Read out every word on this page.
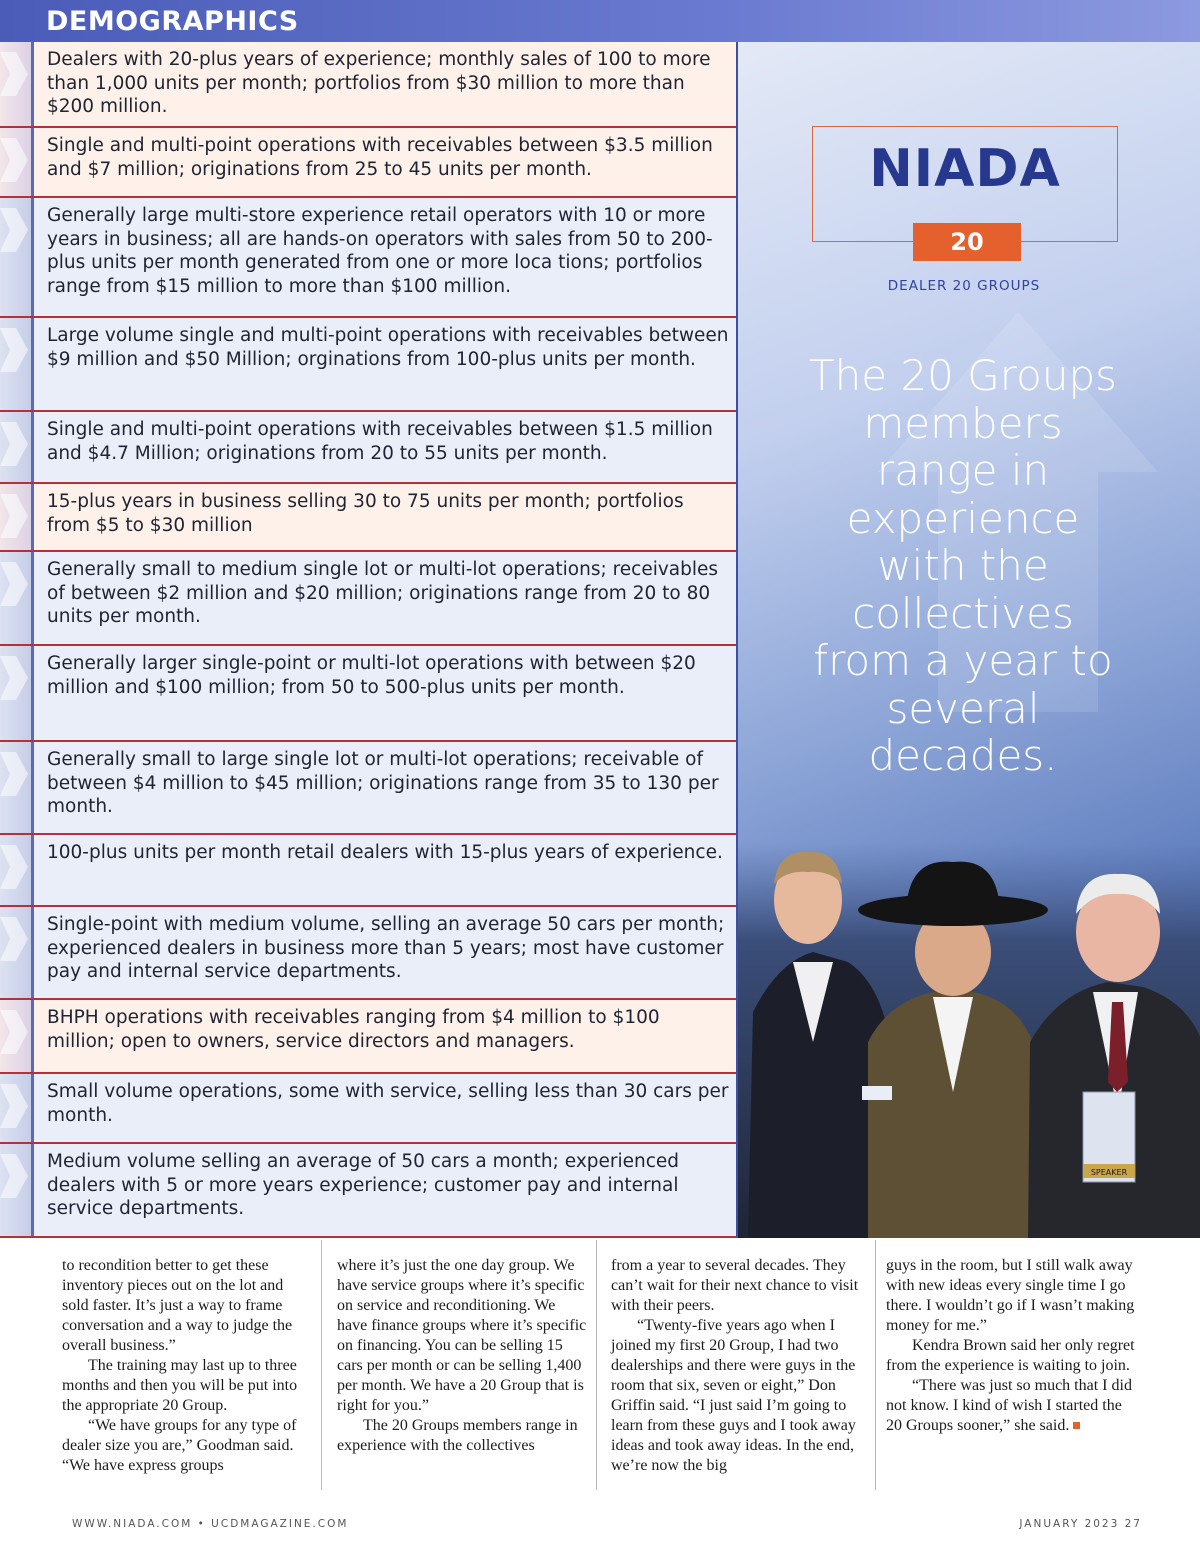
DEMOGRAPHICS
Dealers with 20-plus years of experience; monthly sales of 100 to more than 1,000 units per month; portfolios from $30 million to more than $200 million.
Single and multi-point operations with receivables between $3.5 million and $7 million; originations from 25 to 45 units per month.
Generally large multi-store experience retail operators with 10 or more years in business; all are hands-on operators with sales from 50 to 200-plus units per month generated from one or more loca tions; portfolios range from $15 million to more than $100 million.
Large volume single and multi-point operations with receivables between $9 million and $50 Million; orginations from 100-plus units per month.
Single and multi-point operations with receivables between $1.5 million and $4.7 Million; originations from 20 to 55 units per month.
15-plus years in business selling 30 to 75 units per month; portfolios from $5 to $30 million
Generally small to medium single lot or multi-lot operations; receivables of between $2 million and $20 million; originations range from 20 to 80 units per month.
Generally larger single-point or multi-lot operations with between $20 million and $100 million; from 50 to 500-plus units per month.
Generally small to large single lot or multi-lot operations; receivable of between $4 million to $45 million; originations range from 35 to 130 per month.
100-plus units per month retail dealers with 15-plus years of experience.
Single-point with medium volume, selling an average 50 cars per month; experienced dealers in business more than 5 years; most have customer pay and internal service departments.
BHPH operations with receivables ranging from $4 million to $100 million; open to owners, service directors and managers.
Small volume operations, some with service, selling less than 30 cars per month.
Medium volume selling an average of 50 cars a month; experienced dealers with 5 or more years experience; customer pay and internal service departments.
NIADA
20
DEALER 20 GROUPS
The 20 Groups members range in experience with the collectives from a year to several decades.
SPEAKER

to recondition better to get these inventory pieces out on the lot and sold faster. It’s just a way to frame conversation and a way to judge the overall business.”

The training may last up to three months and then you will be put into the appropriate 20 Group.

“We have groups for any type of dealer size you are,” Goodman said. “We have express groups

where it’s just the one day group. We have service groups where it’s specific on service and reconditioning. We have finance groups where it’s specific on financing. You can be selling 15 cars per month or can be selling 1,400 per month. We have a 20 Group that is right for you.”

The 20 Groups members range in experience with the collectives

from a year to several decades. They can’t wait for their next chance to visit with their peers.

“Twenty-five years ago when I joined my first 20 Group, I had two dealerships and there were guys in the room that six, seven or eight,” Don Griffin said. “I just said I’m going to learn from these guys and I took away ideas and took away ideas. In the end, we’re now the big

guys in the room, but I still walk away with new ideas every single time I go there. I wouldn’t go if I wasn’t making money for me.”

Kendra Brown said her only regret from the experience is waiting to join.

“There was just so much that I did not know. I kind of wish I started the 20 Groups sooner,” she said.

WWW.NIADA.COM • UCDMAGAZINE.COM	JANUARY 2023 27
